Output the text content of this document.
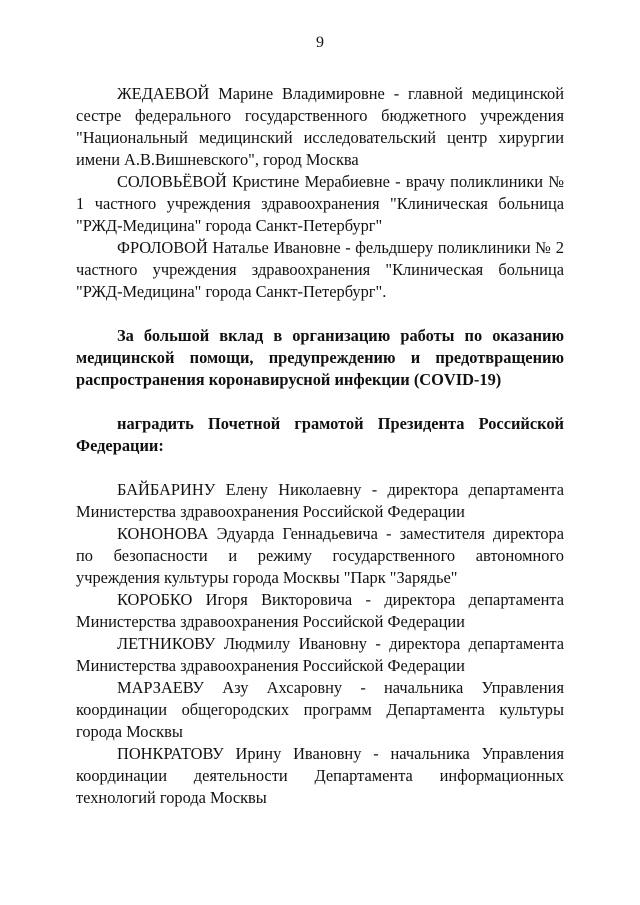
9

ЖЕДАЕВОЙ Марине Владимировне - главной медицинской сестре федерального государственного бюджетного учреждения "Национальный медицинский исследовательский центр хирургии имени А.В.Вишневского", город Москва

СОЛОВЬЁВОЙ Кристине Мерабиевне - врачу поликлиники № 1 частного учреждения здравоохранения "Клиническая больница "РЖД-Медицина" города Санкт-Петербург"

ФРОЛОВОЙ Наталье Ивановне - фельдшеру поликлиники № 2 частного учреждения здравоохранения "Клиническая больница "РЖД-Медицина" города Санкт-Петербург".

За большой вклад в организацию работы по оказанию медицинской помощи, предупреждению и предотвращению распространения коронавирусной инфекции (COVID-19)

наградить Почетной грамотой Президента Российской Федерации:

БАЙБАРИНУ Елену Николаевну - директора департамента Министерства здравоохранения Российской Федерации

КОНОНОВА Эдуарда Геннадьевича - заместителя директора по безопасности и режиму государственного автономного учреждения культуры города Москвы "Парк "Зарядье"

КОРОБКО Игоря Викторовича - директора департамента Министерства здравоохранения Российской Федерации

ЛЕТНИКОВУ Людмилу Ивановну - директора департамента Министерства здравоохранения Российской Федерации

МАРЗАЕВУ Азу Ахсаровну - начальника Управления координации общегородских программ Департамента культуры города Москвы

ПОНКРАТОВУ Ирину Ивановну - начальника Управления координации деятельности Департамента информационных технологий города Москвы
